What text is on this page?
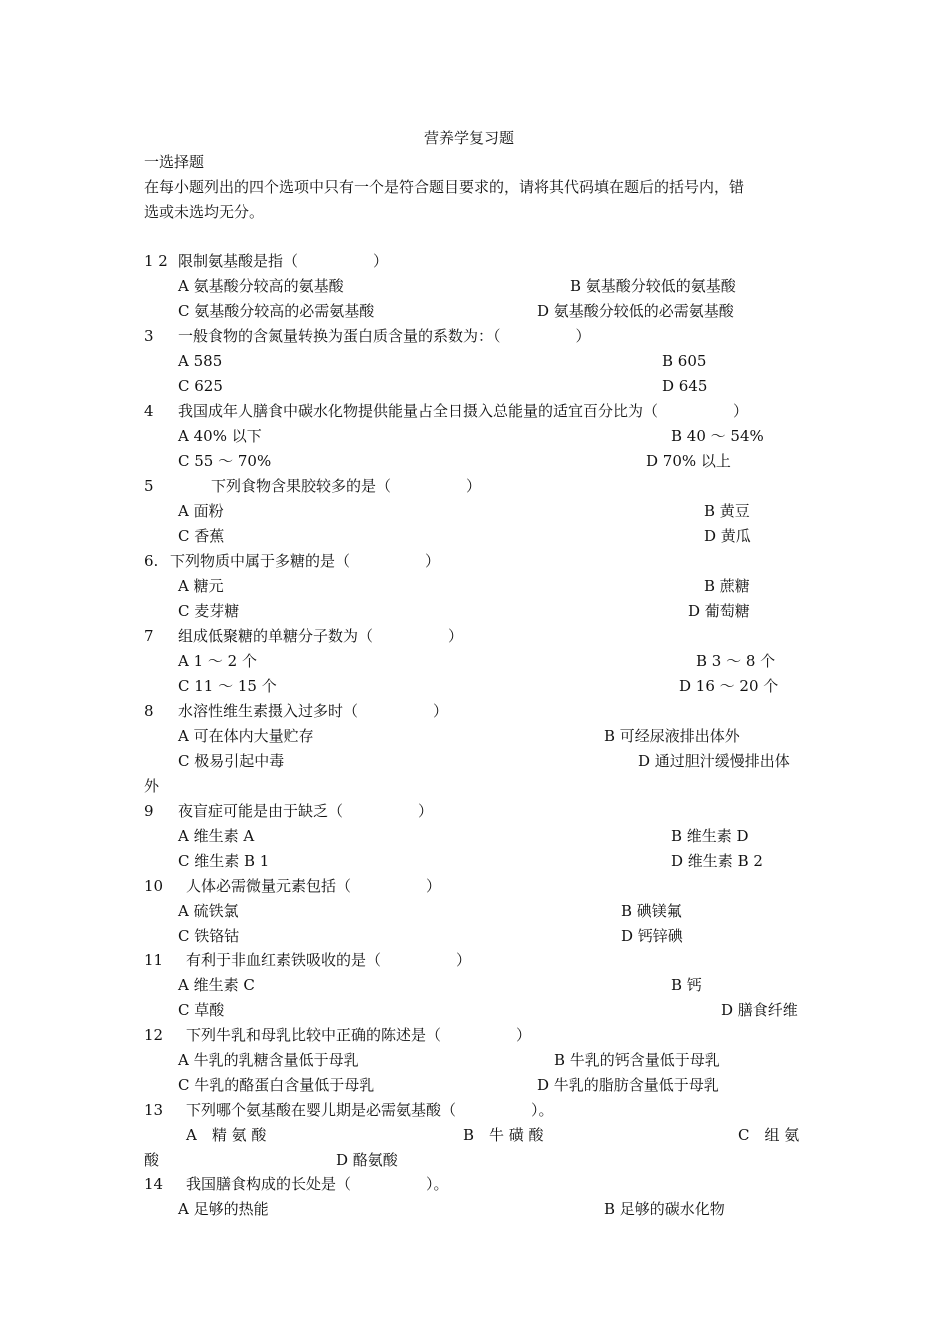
营养学复习题
一选择题
在每小题列出的四个选项中只有一个是符合题目要求的，请将其代码填在题后的括号内，错
选或未选均无分。
1 2 限制氨基酸是指（　　　　　）
A 氨基酸分较高的氨基酸	B 氨基酸分较低的氨基酸
C 氨基酸分较高的必需氨基酸	D 氨基酸分较低的必需氨基酸
3 一般食物的含氮量转换为蛋白质含量的系数为：（　　　　　）
A 585	B 605
C 625	D 645
4 我国成年人膳食中碳水化物提供能量占全日摄入总能量的适宜百分比为（　　　　　）
A 40% 以下	B 40 ～ 54%
C 55 ～ 70%	D 70% 以上
5	下列食物含果胶较多的是（　　　　　）
A 面粉	B 黄豆
C 香蕉	D 黄瓜
6. 下列物质中属于多糖的是（　　　　　）
A 糖元	B 蔗糖
C 麦芽糖	D 葡萄糖
7 组成低聚糖的单糖分子数为（　　　　　）
A 1 ～ 2 个	B 3 ～ 8 个
C 11 ～ 15 个	D 16 ～ 20 个
8 水溶性维生素摄入过多时（　　　　　）
A 可在体内大量贮存	B 可经尿液排出体外
C 极易引起中毒	D 通过胆汁缓慢排出体
外
9 夜盲症可能是由于缺乏（　　　　　）
A 维生素 A	B 维生素 D
C 维生素 B 1	D 维生素 B 2
10 人体必需微量元素包括（　　　　　）
A 硫铁氯	B 碘镁氟
C 铁铬钴	D 钙锌碘
11 有利于非血红素铁吸收的是（　　　　　）
A 维生素 C	B 钙
C 草酸	D 膳食纤维
12 下列牛乳和母乳比较中正确的陈述是（　　　　　）
A 牛乳的乳糖含量低于母乳	B 牛乳的钙含量低于母乳
C 牛乳的酪蛋白含量低于母乳	D 牛乳的脂肪含量低于母乳
13 下列哪个氨基酸在婴儿期是必需氨基酸（　　　　　）。
A　精 氨 酸	B　牛 磺 酸	C　组 氨
酸	D 酪氨酸
14 我国膳食构成的长处是（　　　　　）。
A 足够的热能	B 足够的碳水化物
